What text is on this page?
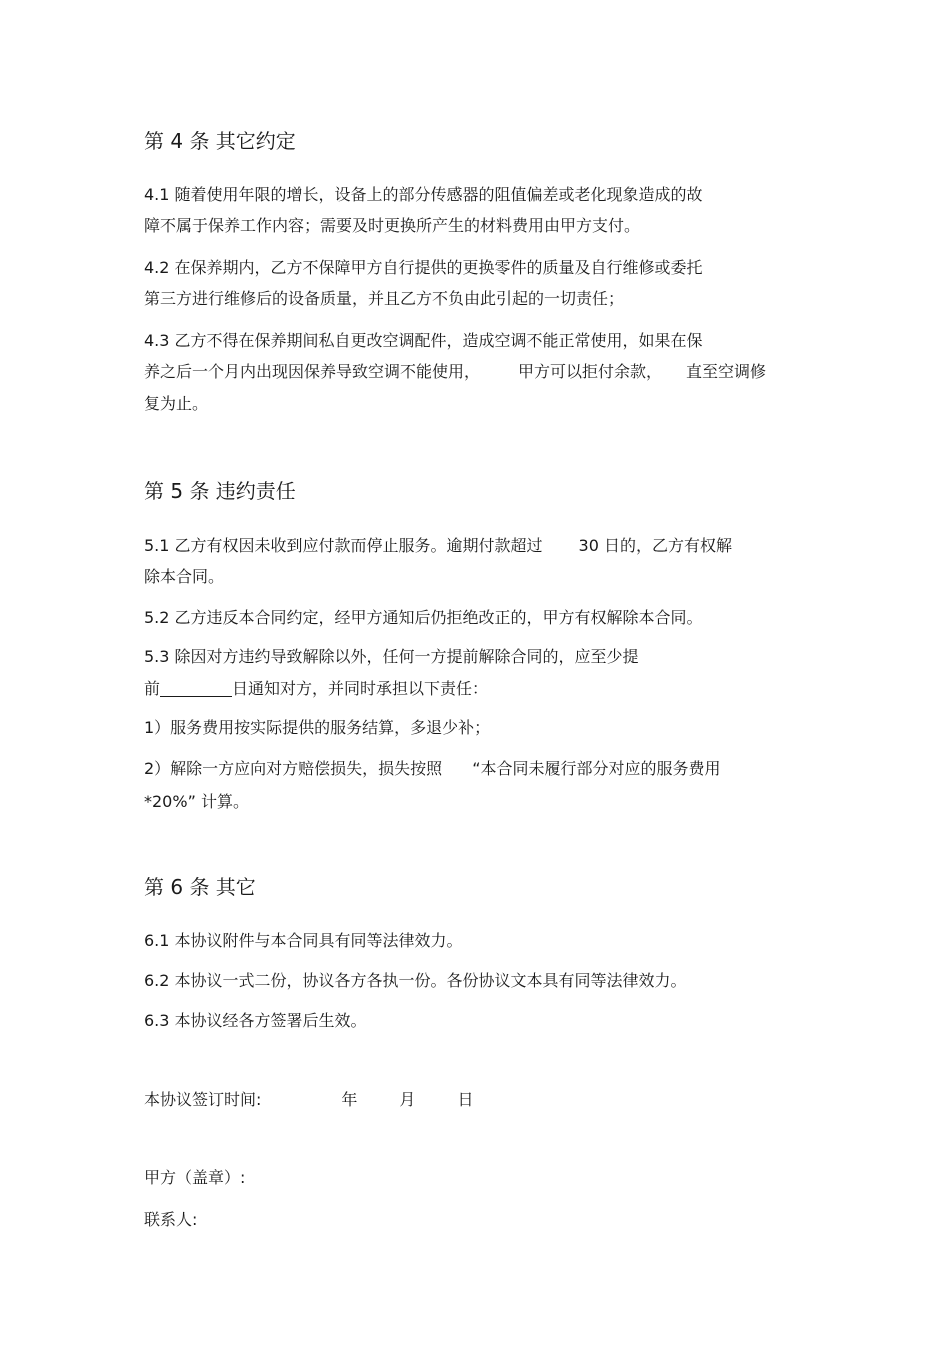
第 4 条 其它约定
4.1 随着使用年限的增长，设备上的部分传感器的阻值偏差或老化现象造成的故
障不属于保养工作内容；需要及时更换所产生的材料费用由甲方支付。
4.2 在保养期内，乙方不保障甲方自行提供的更换零件的质量及自行维修或委托
第三方进行维修后的设备质量，并且乙方不负由此引起的一切责任；
4.3 乙方不得在保养期间私自更改空调配件，造成空调不能正常使用，如果在保
养之后一个月内出现因保养导致空调不能使用， 甲方可以拒付余款， 直至空调修
复为止。
第 5 条 违约责任
5.1 乙方有权因未收到应付款而停止服务。逾期付款超过 30 日的，乙方有权解
除本合同。
5.2 乙方违反本合同约定，经甲方通知后仍拒绝改正的，甲方有权解除本合同。
5.3 除因对方违约导致解除以外，任何一方提前解除合同的，应至少提
前	日通知对方，并同时承担以下责任：
1）服务费用按实际提供的服务结算，多退少补；
2）解除一方应向对方赔偿损失，损失按照 “本合同未履行部分对应的服务费用
*20%” 计算。
第 6 条 其它
6.1 本协议附件与本合同具有同等法律效力。
6.2 本协议一式二份，协议各方各执一份。各份协议文本具有同等法律效力。
6.3 本协议经各方签署后生效。
本协议签订时间:	年	月	日
甲方（盖章）:
联系人:
